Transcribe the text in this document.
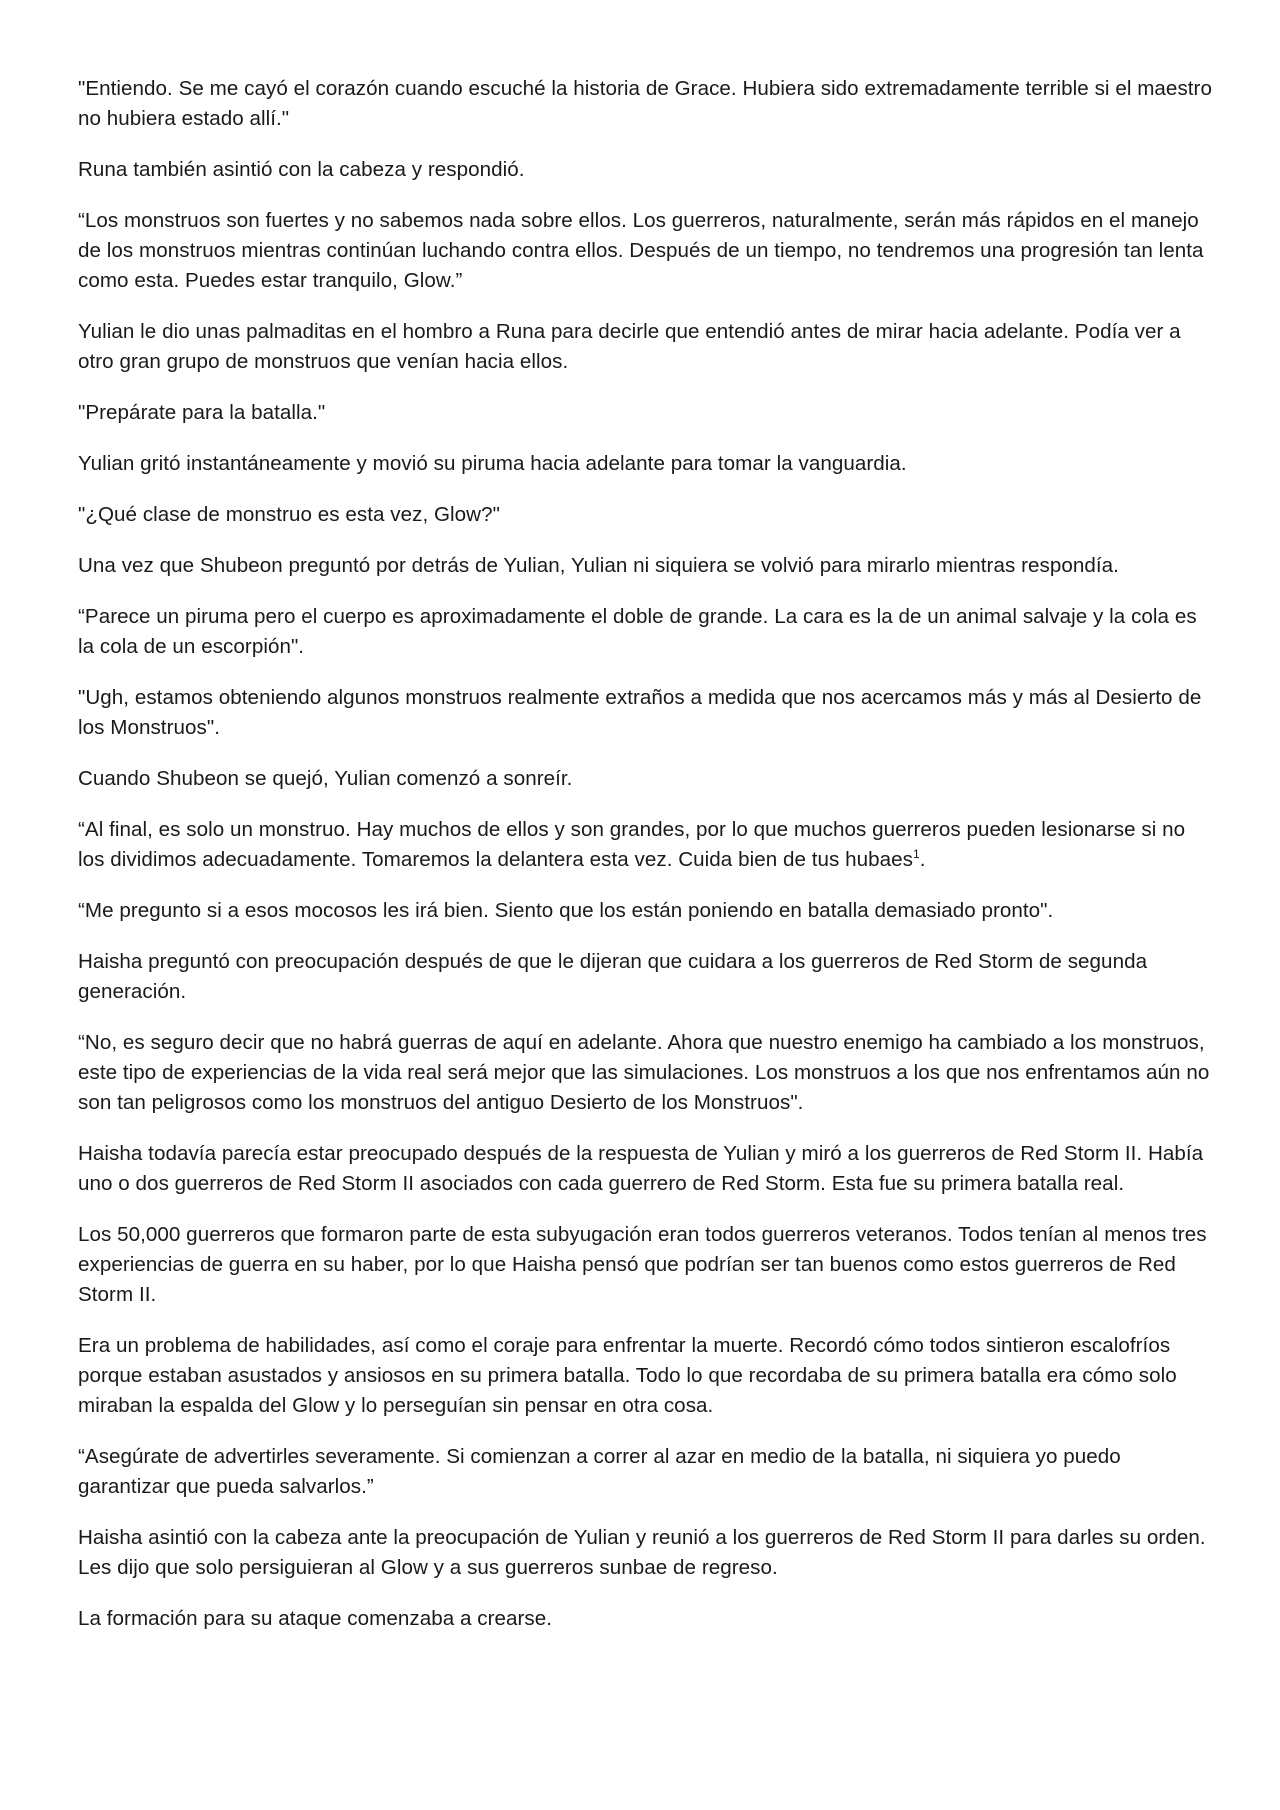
"Entiendo. Se me cayó el corazón cuando escuché la historia de Grace. Hubiera sido extremadamente terrible si el maestro no hubiera estado allí."

Runa también asintió con la cabeza y respondió.

“Los monstruos son fuertes y no sabemos nada sobre ellos. Los guerreros, naturalmente, serán más rápidos en el manejo de los monstruos mientras continúan luchando contra ellos. Después de un tiempo, no tendremos una progresión tan lenta como esta. Puedes estar tranquilo, Glow.”

Yulian le dio unas palmaditas en el hombro a Runa para decirle que entendió antes de mirar hacia adelante. Podía ver a otro gran grupo de monstruos que venían hacia ellos.

"Prepárate para la batalla."

Yulian gritó instantáneamente y movió su piruma hacia adelante para tomar la vanguardia.

"¿Qué clase de monstruo es esta vez, Glow?"

Una vez que Shubeon preguntó por detrás de Yulian, Yulian ni siquiera se volvió para mirarlo mientras respondía.

“Parece un piruma pero el cuerpo es aproximadamente el doble de grande. La cara es la de un animal salvaje y la cola es la cola de un escorpión".

"Ugh, estamos obteniendo algunos monstruos realmente extraños a medida que nos acercamos más y más al Desierto de los Monstruos".

Cuando Shubeon se quejó, Yulian comenzó a sonreír.

“Al final, es solo un monstruo. Hay muchos de ellos y son grandes, por lo que muchos guerreros pueden lesionarse si no los dividimos adecuadamente. Tomaremos la delantera esta vez. Cuida bien de tus hubaes$^1$.

“Me pregunto si a esos mocosos les irá bien. Siento que los están poniendo en batalla demasiado pronto".

Haisha preguntó con preocupación después de que le dijeran que cuidara a los guerreros de Red Storm de segunda generación.

“No, es seguro decir que no habrá guerras de aquí en adelante. Ahora que nuestro enemigo ha cambiado a los monstruos, este tipo de experiencias de la vida real será mejor que las simulaciones. Los monstruos a los que nos enfrentamos aún no son tan peligrosos como los monstruos del antiguo Desierto de los Monstruos".

Haisha todavía parecía estar preocupado después de la respuesta de Yulian y miró a los guerreros de Red Storm II. Había uno o dos guerreros de Red Storm II asociados con cada guerrero de Red Storm. Esta fue su primera batalla real.

Los 50,000 guerreros que formaron parte de esta subyugación eran todos guerreros veteranos. Todos tenían al menos tres experiencias de guerra en su haber, por lo que Haisha pensó que podrían ser tan buenos como estos guerreros de Red Storm II.

Era un problema de habilidades, así como el coraje para enfrentar la muerte. Recordó cómo todos sintieron escalofríos porque estaban asustados y ansiosos en su primera batalla. Todo lo que recordaba de su primera batalla era cómo solo miraban la espalda del Glow y lo perseguían sin pensar en otra cosa.

“Asegúrate de advertirles severamente. Si comienzan a correr al azar en medio de la batalla, ni siquiera yo puedo garantizar que pueda salvarlos.”

Haisha asintió con la cabeza ante la preocupación de Yulian y reunió a los guerreros de Red Storm II para darles su orden. Les dijo que solo persiguieran al Glow y a sus guerreros sunbae de regreso.

La formación para su ataque comenzaba a crearse.
